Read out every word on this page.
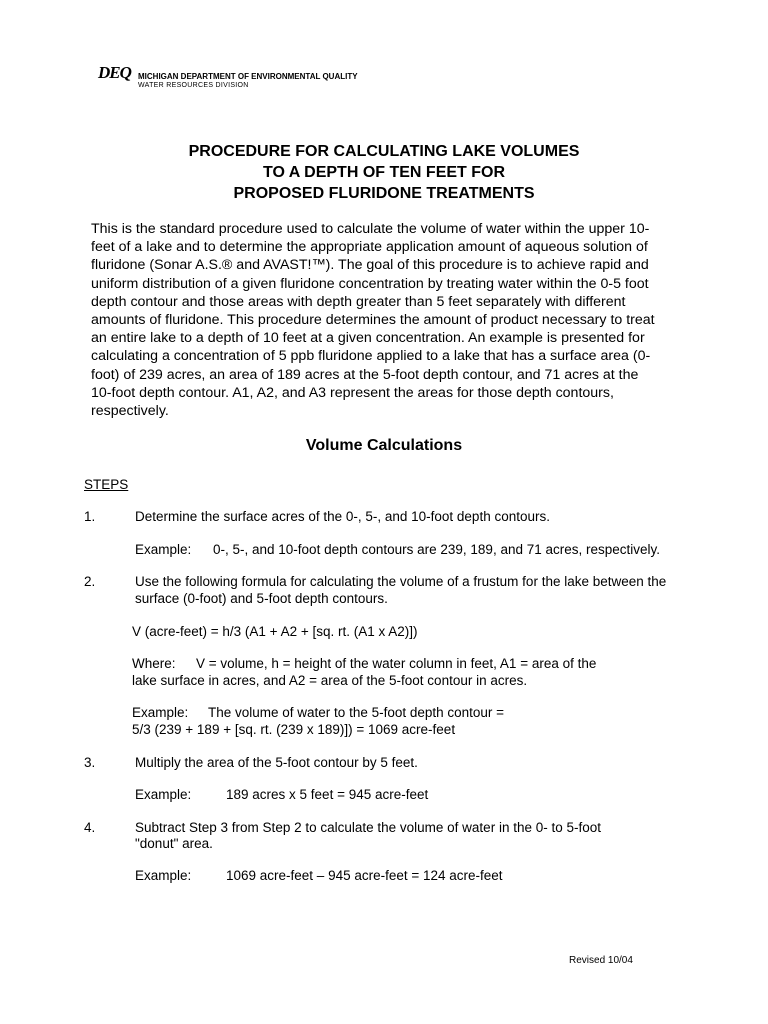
DEQ MICHIGAN DEPARTMENT OF ENVIRONMENTAL QUALITY
WATER RESOURCES DIVISION
PROCEDURE FOR CALCULATING LAKE VOLUMES
TO A DEPTH OF TEN FEET FOR
PROPOSED FLURIDONE TREATMENTS
This is the standard procedure used to calculate the volume of water within the upper 10-
feet of a lake and to determine the appropriate application amount of aqueous solution of
fluridone (Sonar A.S.® and AVAST!™). The goal of this procedure is to achieve rapid and
uniform distribution of a given fluridone concentration by treating water within the 0-5 foot
depth contour and those areas with depth greater than 5 feet separately with different
amounts of fluridone. This procedure determines the amount of product necessary to treat
an entire lake to a depth of 10 feet at a given concentration. An example is presented for
calculating a concentration of 5 ppb fluridone applied to a lake that has a surface area (0-
foot) of 239 acres, an area of 189 acres at the 5-foot depth contour, and 71 acres at the
10-foot depth contour. A1, A2, and A3 represent the areas for those depth contours,
respectively.
Volume Calculations
STEPS
1.	Determine the surface acres of the 0-, 5-, and 10-foot depth contours.
Example: 0-, 5-, and 10-foot depth contours are 239, 189, and 71 acres, respectively.
2.	Use the following formula for calculating the volume of a frustum for the lake between the
surface (0-foot) and 5-foot depth contours.
V (acre-feet) = h/3 (A1 + A2 + [sq. rt. (A1 x A2)])
Where: V = volume, h = height of the water column in feet, A1 = area of the
lake surface in acres, and A2 = area of the 5-foot contour in acres.
Example: The volume of water to the 5-foot depth contour =
5/3 (239 + 189 + [sq. rt. (239 x 189)]) = 1069 acre-feet
3.	Multiply the area of the 5-foot contour by 5 feet.
Example:	189 acres x 5 feet = 945 acre-feet
4.	Subtract Step 3 from Step 2 to calculate the volume of water in the 0- to 5-foot
"donut" area.
Example:	1069 acre-feet – 945 acre-feet = 124 acre-feet
Revised 10/04
